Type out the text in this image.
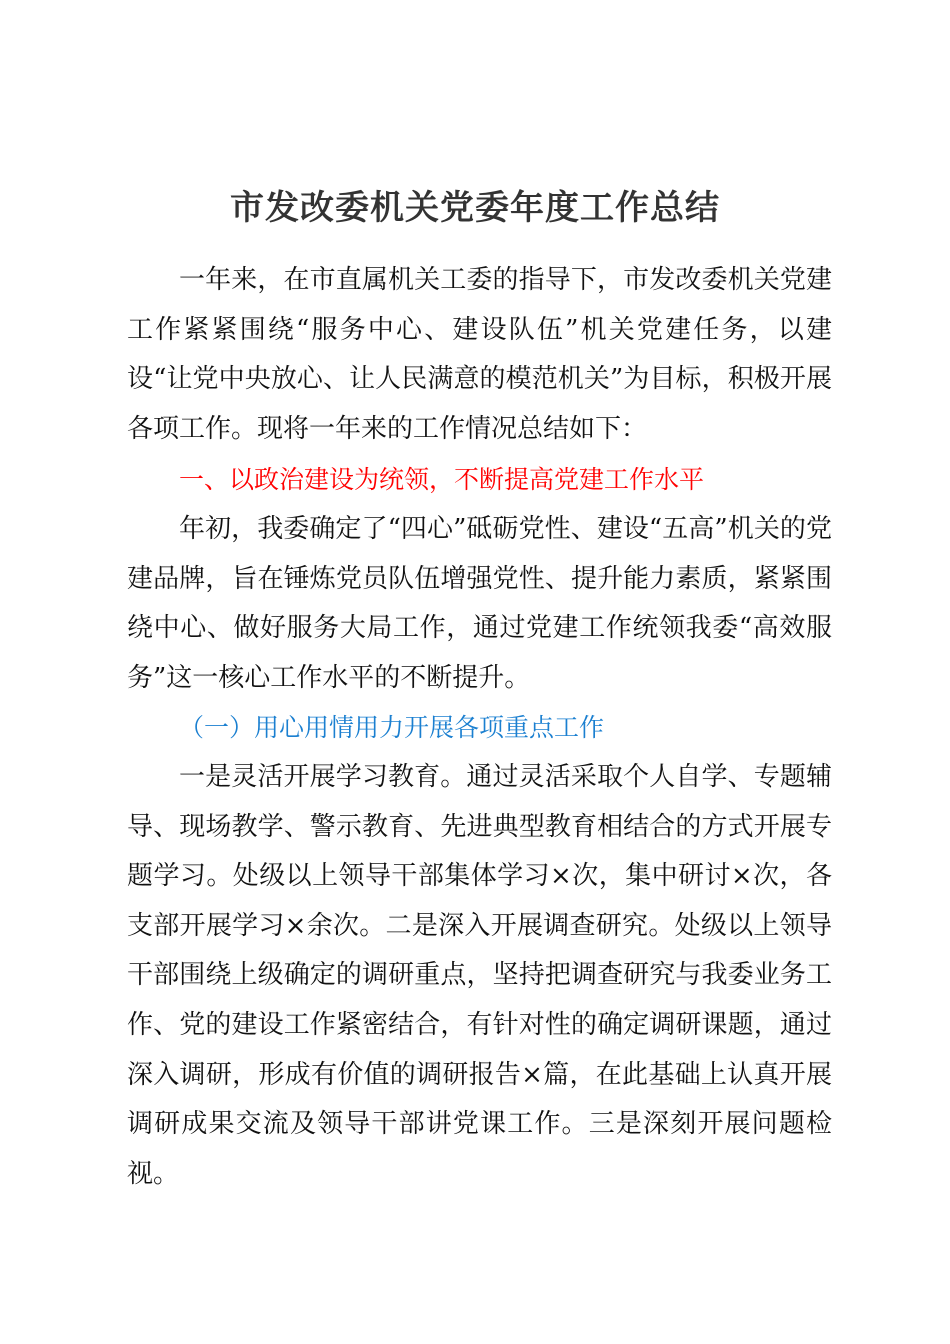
市发改委机关党委年度工作总结

一年来，在市直属机关工委的指导下，市发改委机关党建工作紧紧围绕“服务中心、建设队伍”机关党建任务，以建设“让党中央放心、让人民满意的模范机关”为目标，积极开展各项工作。现将一年来的工作情况总结如下：

一、以政治建设为统领，不断提高党建工作水平

年初，我委确定了“四心”砥砺党性、建设“五高”机关的党建品牌，旨在锤炼党员队伍增强党性、提升能力素质，紧紧围绕中心、做好服务大局工作，通过党建工作统领我委“高效服务”这一核心工作水平的不断提升。

（一）用心用情用力开展各项重点工作

一是灵活开展学习教育。通过灵活采取个人自学、专题辅导、现场教学、警示教育、先进典型教育相结合的方式开展专题学习。处级以上领导干部集体学习×次，集中研讨×次，各支部开展学习×余次。二是深入开展调查研究。处级以上领导干部围绕上级确定的调研重点，坚持把调查研究与我委业务工作、党的建设工作紧密结合，有针对性的确定调研课题，通过深入调研，形成有价值的调研报告×篇，在此基础上认真开展调研成果交流及领导干部讲党课工作。三是深刻开展问题检视。
